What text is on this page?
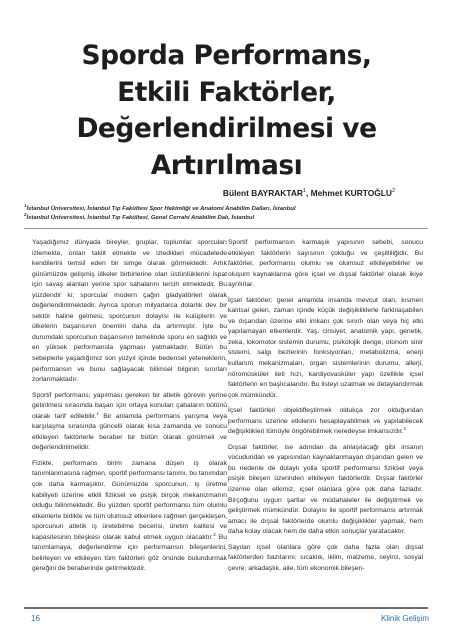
Sporda Performans,
Etkili Faktörler,
Değerlendirilmesi ve
Artırılması
Bülent BAYRAKTAR$^1$, Mehmet KURTOĞLU$^2$
$^1$İstanbul Üniversitesi, İstanbul Tıp Fakültesi Spor Hekimliği ve Anatomi Anabilim Dalları, İstanbul
$^2$İstanbul Üniversitesi, İstanbul Tıp Fakültesi, Genel Cerrahi Anabilim Dalı, İstanbul

Yaşadığımız dünyada bireyler, gruplar, toplumlar sporcuları izlemekte, onları taklit etmekte ve izledikleri mücadelede kendilerini temsil eden bir simge olarak görmektedir. Artık günümüzde gelişmiş ülkeler birbirlerine olan üstünlüklerini ispat için savaş alanları yerine spor sahalarını tercih etmektedir. Bu yüzdendir ki; sporcular modern çağın gladyatörleri olarak değerlendirilmektedir. Ayrıca sporun milyarlarca dolarlık dev bir sektör haline gelmesi, sporcunun dolayısı ile kulüplerin ve ülkelerin başarısının önemini daha da artırmıştır. İşte bu durumdaki sporcunun başarısının temelinde sporu en sağlıklı ve en yüksek performansla yapması yatmaktadır. Bütün bu sebeplerle yaşadığımız son yüzyıl içinde bedensel yeteneklerin, performansın ve bunu sağlayacak bilimsel bilginin sınırları zorlanmaktadır.

Sportif performans; yapılması gereken bir atletik görevin yerine getirilmesi sırasında başarı için ortaya konulan çabaların bütünü olarak tarif edilebilir.$^1$ Bir anlamda performans yarışma veya karşılaşma sırasında güncelli olarak kısa zamanda ve sonucu etkileyen faktörlerle beraber bir bütün olarak görülmeli ve değerlendirilmelidir.

Fizikte, performans birim zamana düşen iş olarak tanımlanmasına rağmen, sportif performansı tanımı, bu tanımdan çok daha karmaşıktır. Günümüzde sporcunun, iş üretme kabiliyeti üzerine etkili fiziksel ve psişik birçok mekanizmanın olduğu bilinmektedir. Bu yüzden sportif performansı tüm olumlu etkenlerle birlikte ve tüm olumsuz etkenlere rağmen gerçekleşen, sporcunun atletik iş üretebilme becerisi, üretim kalitesi ve kapasitesinin bileşkesi olarak kabul etmek uygun olacaktır.$^2$ Bu tanımlamaya, değerlendirme için performansın bileşenlerini, belirleyen ve etkileyen tüm faktörleri göz önünde bulundurmak gereğini de beraberinde getirmektedir.

Sportif performansın karmaşık yapısının sebebi, sonucu etkileyen faktörlerin sayısının çokluğu ve çeşitliliğidir. Bu faktörler, performansı olumlu ve olumsuz etkileyebilirler ve oluşum kaynaklarına göre içsel ve dışsal faktörler olarak ikiye ayrılırlar.

İçsel faktörler; genel anlamda insanda mevcut olan, kısmen kalıtsal gelen, zaman içinde küçük değişikliklerle farklılaşabilen ve dışarıdan üzerine etki imkanı çok sınırlı olan veya hiç etki yapılamayan etkenlerdir. Yaş, cinsiyet, anatomik yapı, genetik, zeka, lokomotor sistemin durumu, psikolojik denge, otonom sinir sistemi, salgı bezlerinin fonksiyonları, metabolizma, enerji kullanım mekanizmaları, organ sistemlerinin durumu, allerji, nöromüsküler ileti hızı, kardiyovasküler yapı özellikle içsel faktörlerin en başlıcalarıdır. Bu listeyi uzatmak ve detaylandırmak çok mümkündür.

İçsel faktörleri objektifleştirmek oldukça zor olduğundan performans üzerine etkilerini hesaplayabilmek ve yapılabilecek değişiklikleri tümüyle öngörebilmek neredeyse imkansızdır.$^1$

Dışsal faktörler, ise adından da anlaşılacağı gibi insanın vücudundan ve yapısından kaynaklanmayan dışarıdan gelen ve bu nedenle de dolaylı yolla sportif performansı fiziksel veya psişik bileşen üzerinden etkileyen faktörlerdir. Dışsal faktörler üzerine olan etkimiz, içsel olanlara göre çok daha fazladır. Birçoğunu uygun şartlar ve müdahaleler ile değiştirmek ve geliştirmek mümkündür. Dolayısı ile sportif performansı artırmak amacı ile dışsal faktörlerde olumlu değişiklikler yapmak, hem daha kolay olacak hem de daha etkin sonuçlar yaratacaktır.

Sayılan içsel olanlara göre çok daha fazla olan dışsal faktörlerden bazılarını; sıcaklık, iklim, malzeme, seyirci, sosyal çevre, arkadaşlık, aile, tüm ekonomik bileşen-

16	Klinik Gelişim
